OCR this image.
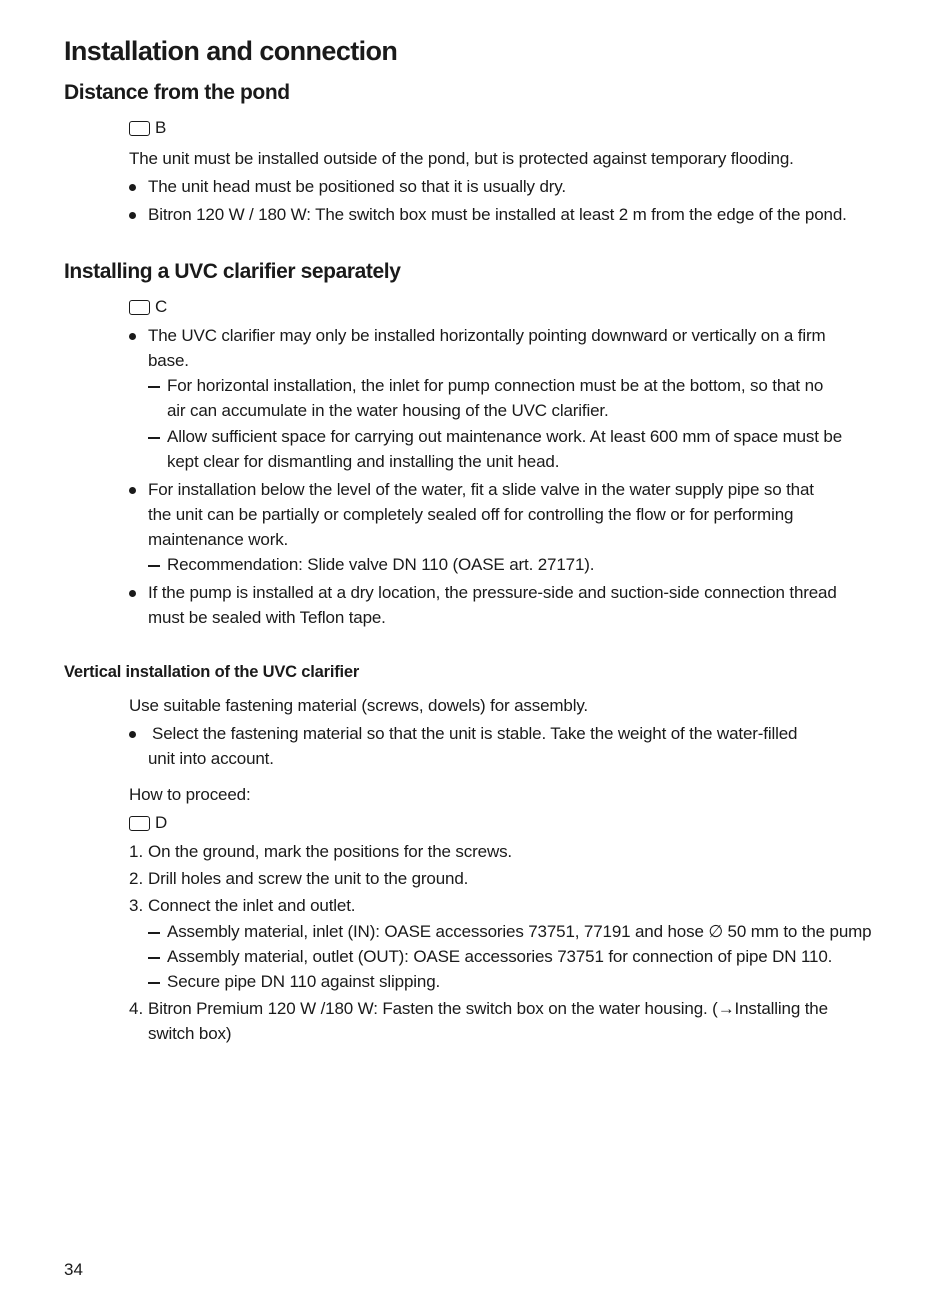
Installation and connection
Distance from the pond
B
The unit must be installed outside of the pond, but is protected against temporary flooding.
The unit head must be positioned so that it is usually dry.
Bitron 120 W / 180 W: The switch box must be installed at least 2 m from the edge of the pond.
Installing a UVC clarifier separately
C
The UVC clarifier may only be installed horizontally pointing downward or vertically on a firm
base.
For horizontal installation, the inlet for pump connection must be at the bottom, so that no
air can accumulate in the water housing of the UVC clarifier.
Allow sufficient space for carrying out maintenance work. At least 600 mm of space must be
kept clear for dismantling and installing the unit head.
For installation below the level of the water, fit a slide valve in the water supply pipe so that
the unit can be partially or completely sealed off for controlling the flow or for performing
maintenance work.
Recommendation: Slide valve DN 110 (OASE art. 27171).
If the pump is installed at a dry location, the pressure-side and suction-side connection thread
must be sealed with Teflon tape.
Vertical installation of the UVC clarifier
Use suitable fastening material (screws, dowels) for assembly.
Select the fastening material so that the unit is stable. Take the weight of the water-filled
unit into account.
How to proceed:
D
1. On the ground, mark the positions for the screws.
2. Drill holes and screw the unit to the ground.
3. Connect the inlet and outlet.
Assembly material, inlet (IN): OASE accessories 73751, 77191 and hose ∅ 50 mm to the pump
Assembly material, outlet (OUT): OASE accessories 73751 for connection of pipe DN 110.
Secure pipe DN 110 against slipping.
4. Bitron Premium 120 W /180 W: Fasten the switch box on the water housing. (→Installing the
switch box)
34
